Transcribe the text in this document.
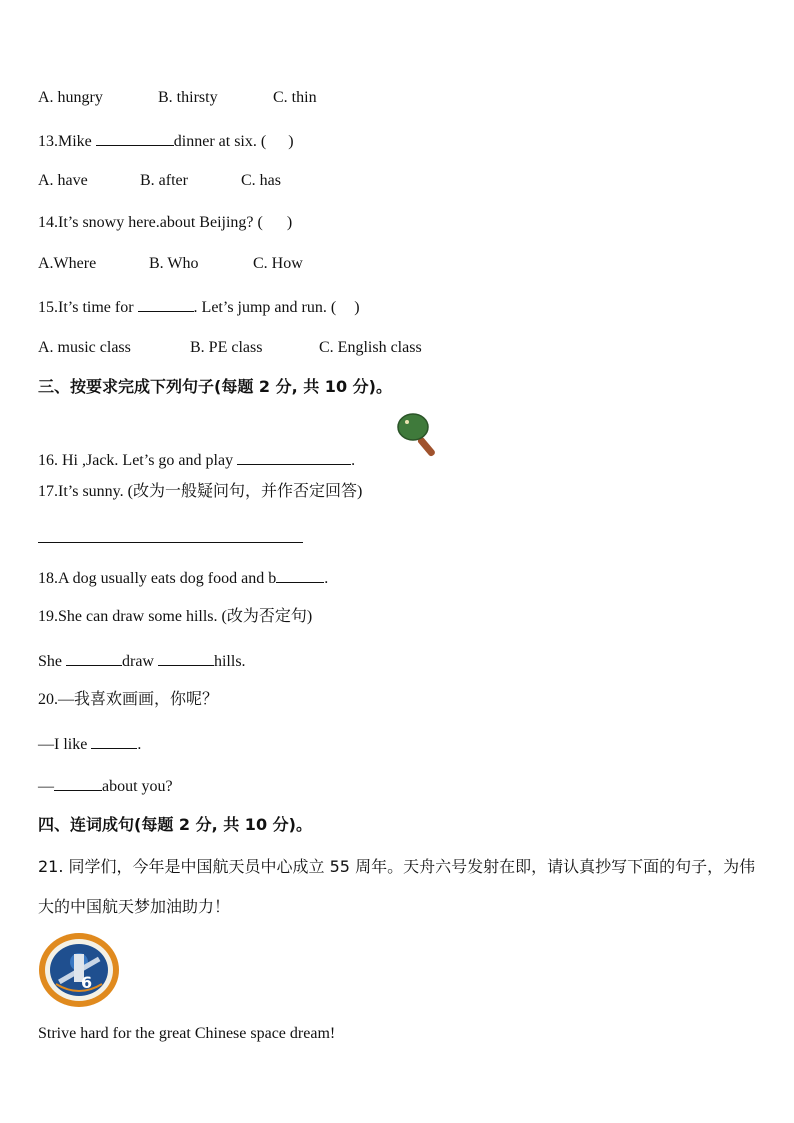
A. hungry	B. thirsty	C. thin
13.Mike	dinner at six. ( )
A. have	B. after	C. has
14.It’s snowy here.about Beijing? ( )
A.Where	B. Who	C. How
15.It’s time for	. Let’s jump and run. ( )
A. music class	B. PE class	C. English class
三、按要求完成下列句子(每题 2 分, 共 10 分)。
16. Hi ,Jack. Let’s go and play	.
17.It’s sunny. (改为一般疑问句，并作否定回答)
18.A dog usually eats dog food and b	.
19.She can draw some hills. (改为否定句)
She	draw	hills.
20.—我喜欢画画，你呢？
—I like	.
—	about you?
四、连词成句(每题 2 分, 共 10 分)。
21. 同学们，今年是中国航天员中心成立 55 周年。天舟六号发射在即，请认真抄写下面的句子，为伟大的中国航天梦加油助力！
6
Strive hard for the great Chinese space dream!
